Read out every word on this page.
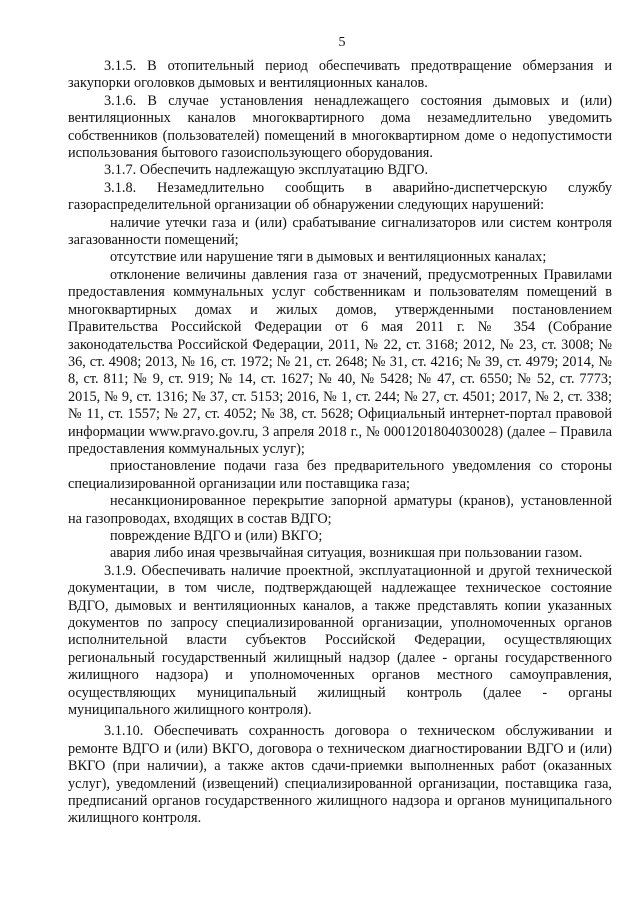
5

3.1.5. В отопительный период обеспечивать предотвращение обмерзания и закупорки оголовков дымовых и вентиляционных каналов.

3.1.6. В случае установления ненадлежащего состояния дымовых и (или) вентиляционных каналов многоквартирного дома незамедлительно уведомить собственников (пользователей) помещений в многоквартирном доме о недопустимости использования бытового газоиспользующего оборудования.

3.1.7. Обеспечить надлежащую эксплуатацию ВДГО.

3.1.8. Незамедлительно сообщить в аварийно-диспетчерскую службу газораспределительной организации об обнаружении следующих нарушений:

наличие утечки газа и (или) срабатывание сигнализаторов или систем контроля загазованности помещений;

отсутствие или нарушение тяги в дымовых и вентиляционных каналах;

отклонение величины давления газа от значений, предусмотренных Правилами предоставления коммунальных услуг собственникам и пользователям помещений в многоквартирных домах и жилых домов, утвержденными постановлением Правительства Российской Федерации от 6 мая 2011 г. № 354 (Собрание законодательства Российской Федерации, 2011, № 22, ст. 3168; 2012, № 23, ст. 3008; № 36, ст. 4908; 2013, № 16, ст. 1972; № 21, ст. 2648; № 31, ст. 4216; № 39, ст. 4979; 2014, № 8, ст. 811; № 9, ст. 919; № 14, ст. 1627; № 40, № 5428; № 47, ст. 6550; № 52, ст. 7773; 2015, № 9, ст. 1316; № 37, ст. 5153; 2016, № 1, ст. 244; № 27, ст. 4501; 2017, № 2, ст. 338; № 11, ст. 1557; № 27, ст. 4052; № 38, ст. 5628; Официальный интернет-портал правовой информации www.pravo.gov.ru, 3 апреля 2018 г., № 0001201804030028) (далее – Правила предоставления коммунальных услуг);

приостановление подачи газа без предварительного уведомления со стороны специализированной организации или поставщика газа;

несанкционированное перекрытие запорной арматуры (кранов), установленной на газопроводах, входящих в состав ВДГО;

повреждение ВДГО и (или) ВКГО;

авария либо иная чрезвычайная ситуация, возникшая при пользовании газом.

3.1.9. Обеспечивать наличие проектной, эксплуатационной и другой технической документации, в том числе, подтверждающей надлежащее техническое состояние ВДГО, дымовых и вентиляционных каналов, а также представлять копии указанных документов по запросу специализированной организации, уполномоченных органов исполнительной власти субъектов Российской Федерации, осуществляющих региональный государственный жилищный надзор (далее - органы государственного жилищного надзора) и уполномоченных органов местного самоуправления, осуществляющих муниципальный жилищный контроль (далее - органы муниципального жилищного контроля).

3.1.10. Обеспечивать сохранность договора о техническом обслуживании и ремонте ВДГО и (или) ВКГО, договора о техническом диагностировании ВДГО и (или) ВКГО (при наличии), а также актов сдачи-приемки выполненных работ (оказанных услуг), уведомлений (извещений) специализированной организации, поставщика газа, предписаний органов государственного жилищного надзора и органов муниципального жилищного контроля.
